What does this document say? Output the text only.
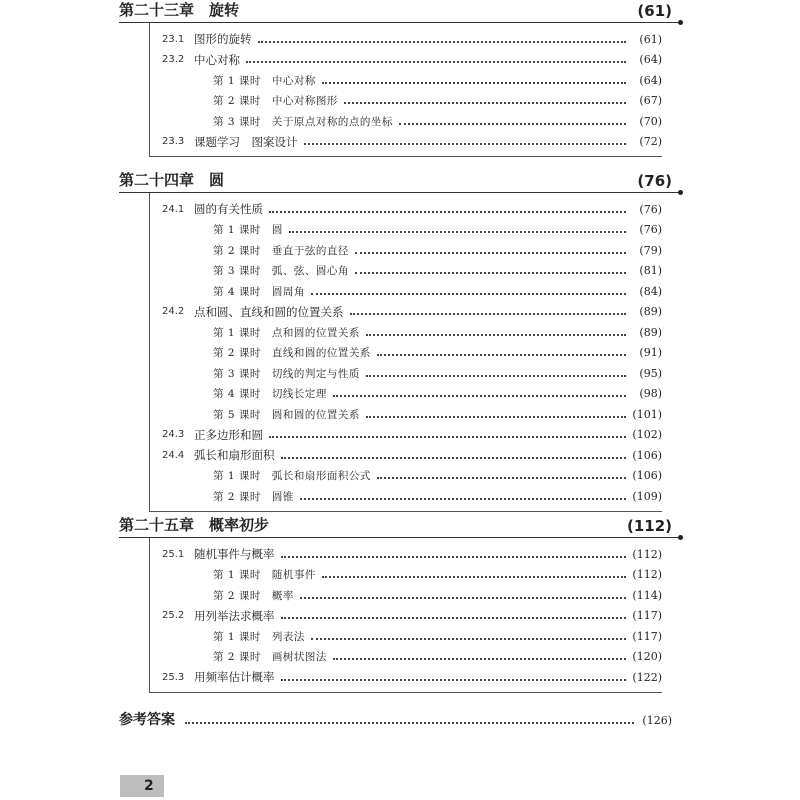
第二十三章　旋转	(61)
23.1 图形的旋转	(61)
23.2 中心对称	(64)
第 1 课时　中心对称	(64)
第 2 课时　中心对称图形	(67)
第 3 课时　关于原点对称的点的坐标	(70)
23.3 课题学习　图案设计	(72)
第二十四章　圆	(76)
24.1 圆的有关性质	(76)
第 1 课时　圆	(76)
第 2 课时　垂直于弦的直径	(79)
第 3 课时　弧、弦、圆心角	(81)
第 4 课时　圆周角	(84)
24.2 点和圆、直线和圆的位置关系	(89)
第 1 课时　点和圆的位置关系	(89)
第 2 课时　直线和圆的位置关系	(91)
第 3 课时　切线的判定与性质	(95)
第 4 课时　切线长定理	(98)
第 5 课时　圆和圆的位置关系	(101)
24.3 正多边形和圆	(102)
24.4 弧长和扇形面积	(106)
第 1 课时　弧长和扇形面积公式	(106)
第 2 课时　圆锥	(109)
第二十五章　概率初步	(112)
25.1 随机事件与概率	(112)
第 1 课时　随机事件	(112)
第 2 课时　概率	(114)
25.2 用列举法求概率	(117)
第 1 课时　列表法	(117)
第 2 课时　画树状图法	(120)
25.3 用频率估计概率	(122)
参考答案	(126)
2
